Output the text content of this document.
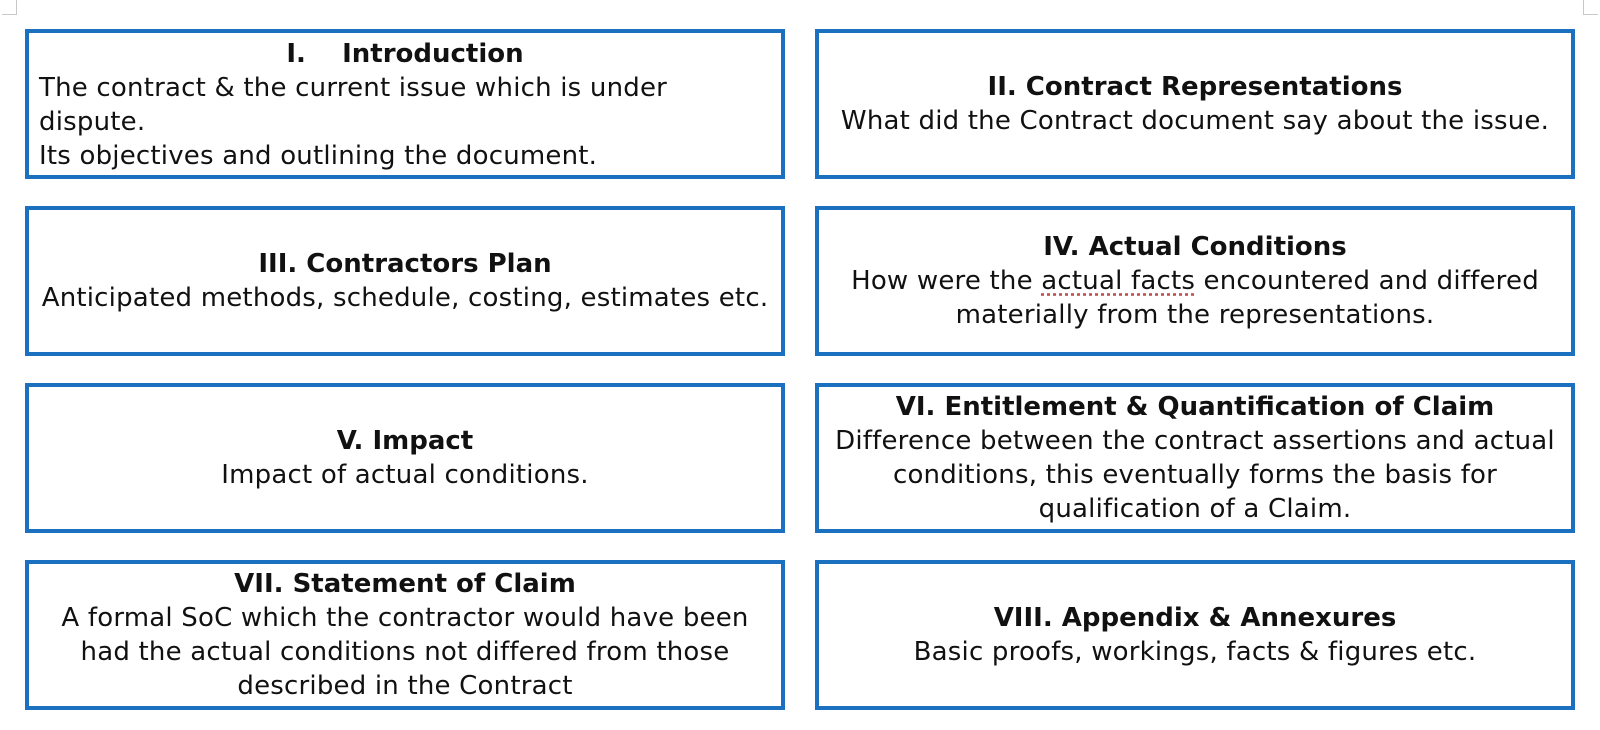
I.    Introduction
The contract & the current issue which is under dispute.
Its objectives and outlining the document.
II. Contract Representations
What did the Contract document say about the issue.
III. Contractors Plan
Anticipated methods, schedule, costing, estimates etc.
IV. Actual Conditions
How were the actual facts encountered and differed materially from the representations.
V. Impact
Impact of actual conditions.
VI. Entitlement & Quantification of Claim
Difference between the contract assertions and actual conditions, this eventually forms the basis for qualification of a Claim.
VII. Statement of Claim
A formal SoC which the contractor would have been had the actual conditions not differed from those described in the Contract
VIII. Appendix & Annexures
Basic proofs, workings, facts & figures etc.
